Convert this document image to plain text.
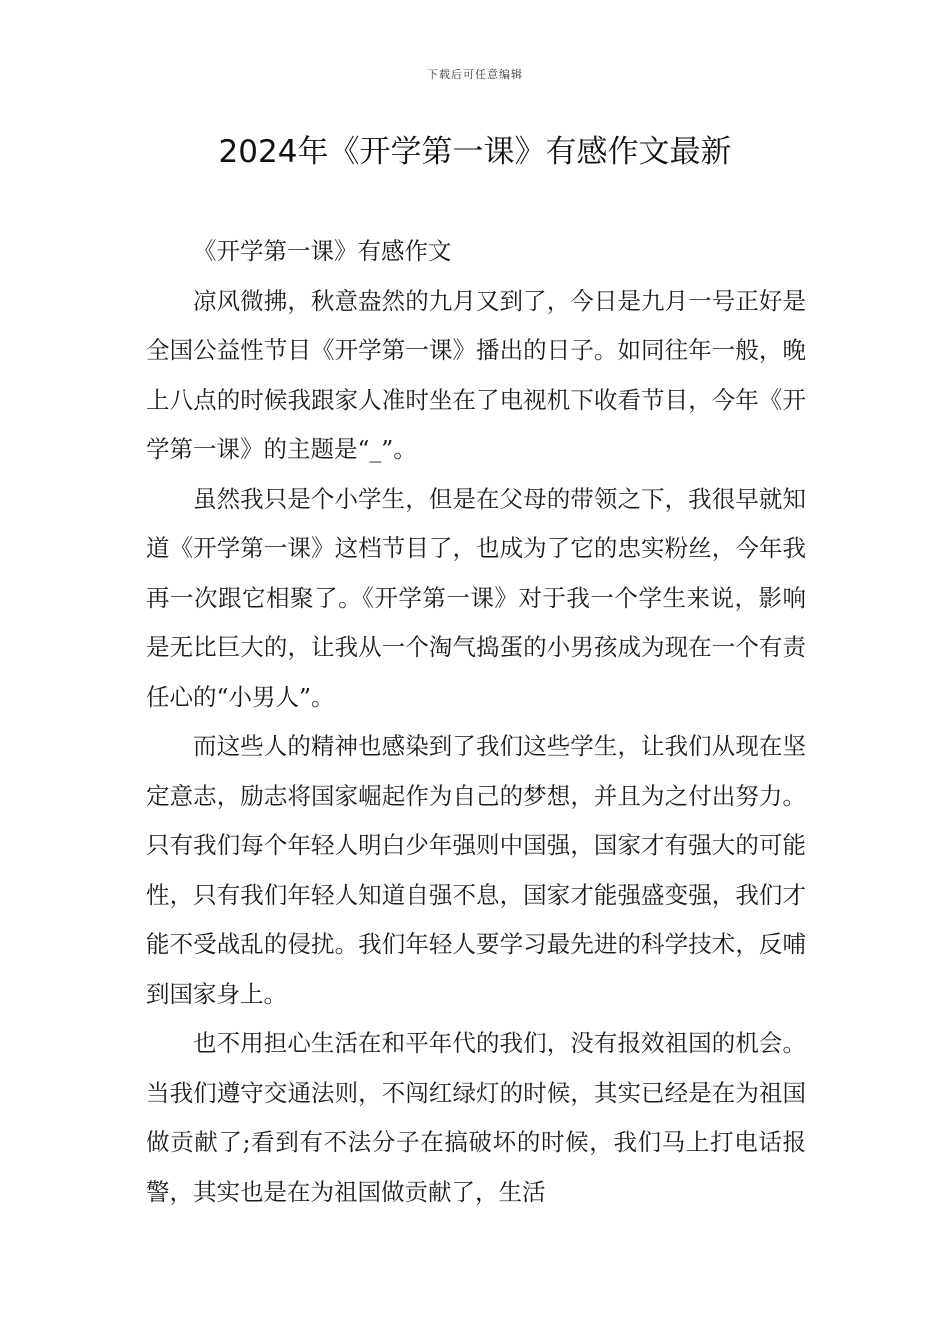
下载后可任意编辑
2024年《开学第一课》有感作文最新

《开学第一课》有感作文

凉风微拂，秋意盎然的九月又到了，今日是九月一号正好是全国公益性节目《开学第一课》播出的日子。如同往年一般，晚上八点的时候我跟家人准时坐在了电视机下收看节目，今年《开学第一课》的主题是“_”。

虽然我只是个小学生，但是在父母的带领之下，我很早就知道《开学第一课》这档节目了，也成为了它的忠实粉丝，今年我再一次跟它相聚了。《开学第一课》对于我一个学生来说，影响是无比巨大的，让我从一个淘气捣蛋的小男孩成为现在一个有责任心的“小男人”。

而这些人的精神也感染到了我们这些学生，让我们从现在坚定意志，励志将国家崛起作为自己的梦想，并且为之付出努力。只有我们每个年轻人明白少年强则中国强，国家才有强大的可能性，只有我们年轻人知道自强不息，国家才能强盛变强，我们才能不受战乱的侵扰。我们年轻人要学习最先进的科学技术，反哺到国家身上。

也不用担心生活在和平年代的我们，没有报效祖国的机会。当我们遵守交通法则，不闯红绿灯的时候，其实已经是在为祖国做贡献了;看到有不法分子在搞破坏的时候，我们马上打电话报警，其实也是在为祖国做贡献了，生活
